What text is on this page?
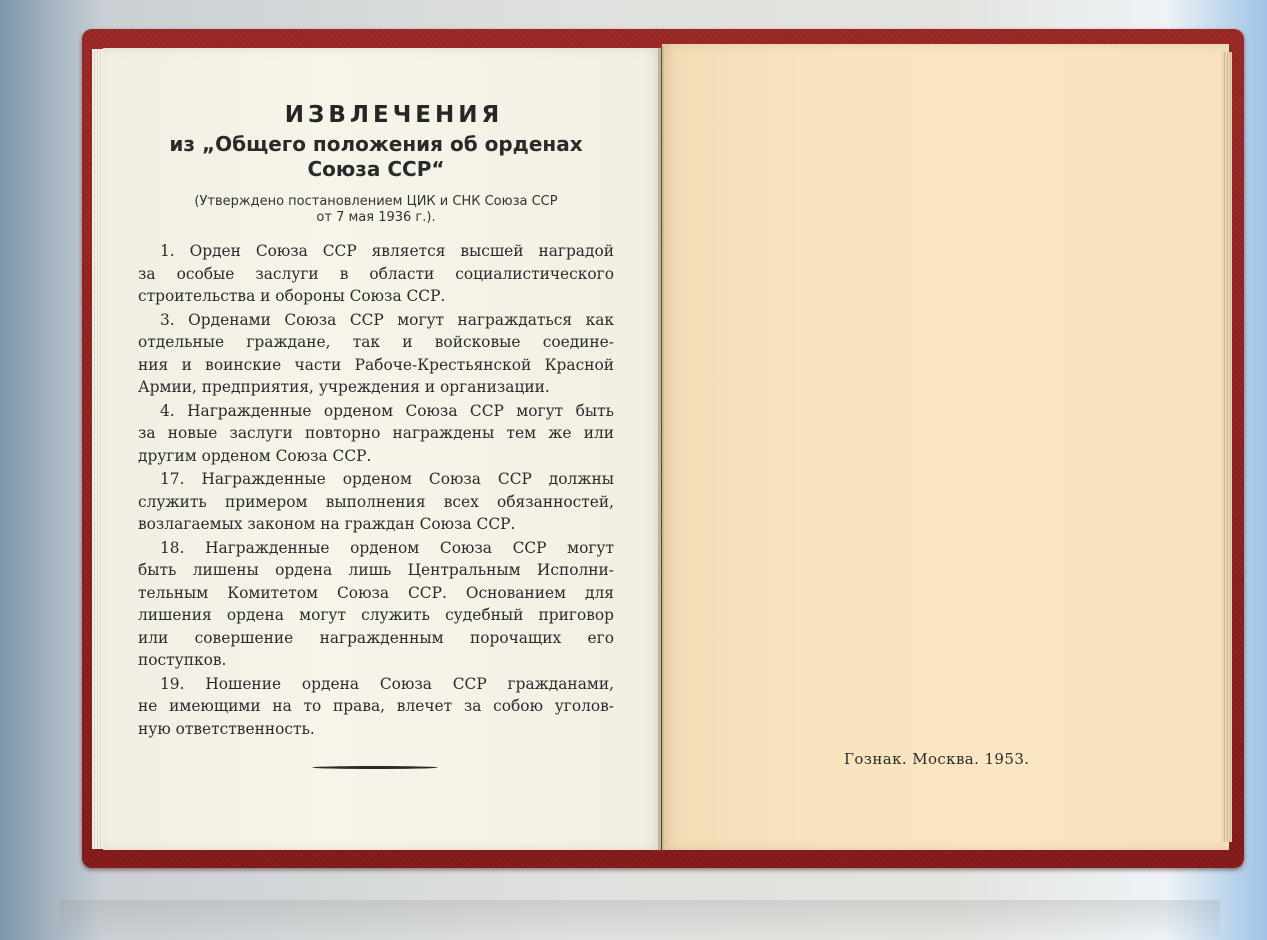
ИЗВЛЕЧЕНИЯ
из „Общего положения об орденах
Союза ССР“
(Утверждено постановлением ЦИК и СНК Союза ССР
от 7 мая 1936 г.).
1. Орден Союза ССР является высшей наградой
за особые заслуги в области социалистического
строительства и обороны Союза ССР.
3. Орденами Союза ССР могут награждаться как
отдельные граждане, так и войсковые соедине-
ния и воинские части Рабоче-Крестьянской Красной
Армии, предприятия, учреждения и организации.
4. Награжденные орденом Союза ССР могут быть
за новые заслуги повторно награждены тем же или
другим орденом Союза ССР.
17. Награжденные орденом Союза ССР должны
служить примером выполнения всех обязанностей,
возлагаемых законом на граждан Союза ССР.
18. Награжденные орденом Союза ССР могут
быть лишены ордена лишь Центральным Исполни-
тельным Комитетом Союза ССР. Основанием для
лишения ордена могут служить судебный приговор
или совершение награжденным порочащих его
поступков.
19. Ношение ордена Союза ССР гражданами,
не имеющими на то права, влечет за собою уголов-
ную ответственность.
Гознак. Москва. 1953.
